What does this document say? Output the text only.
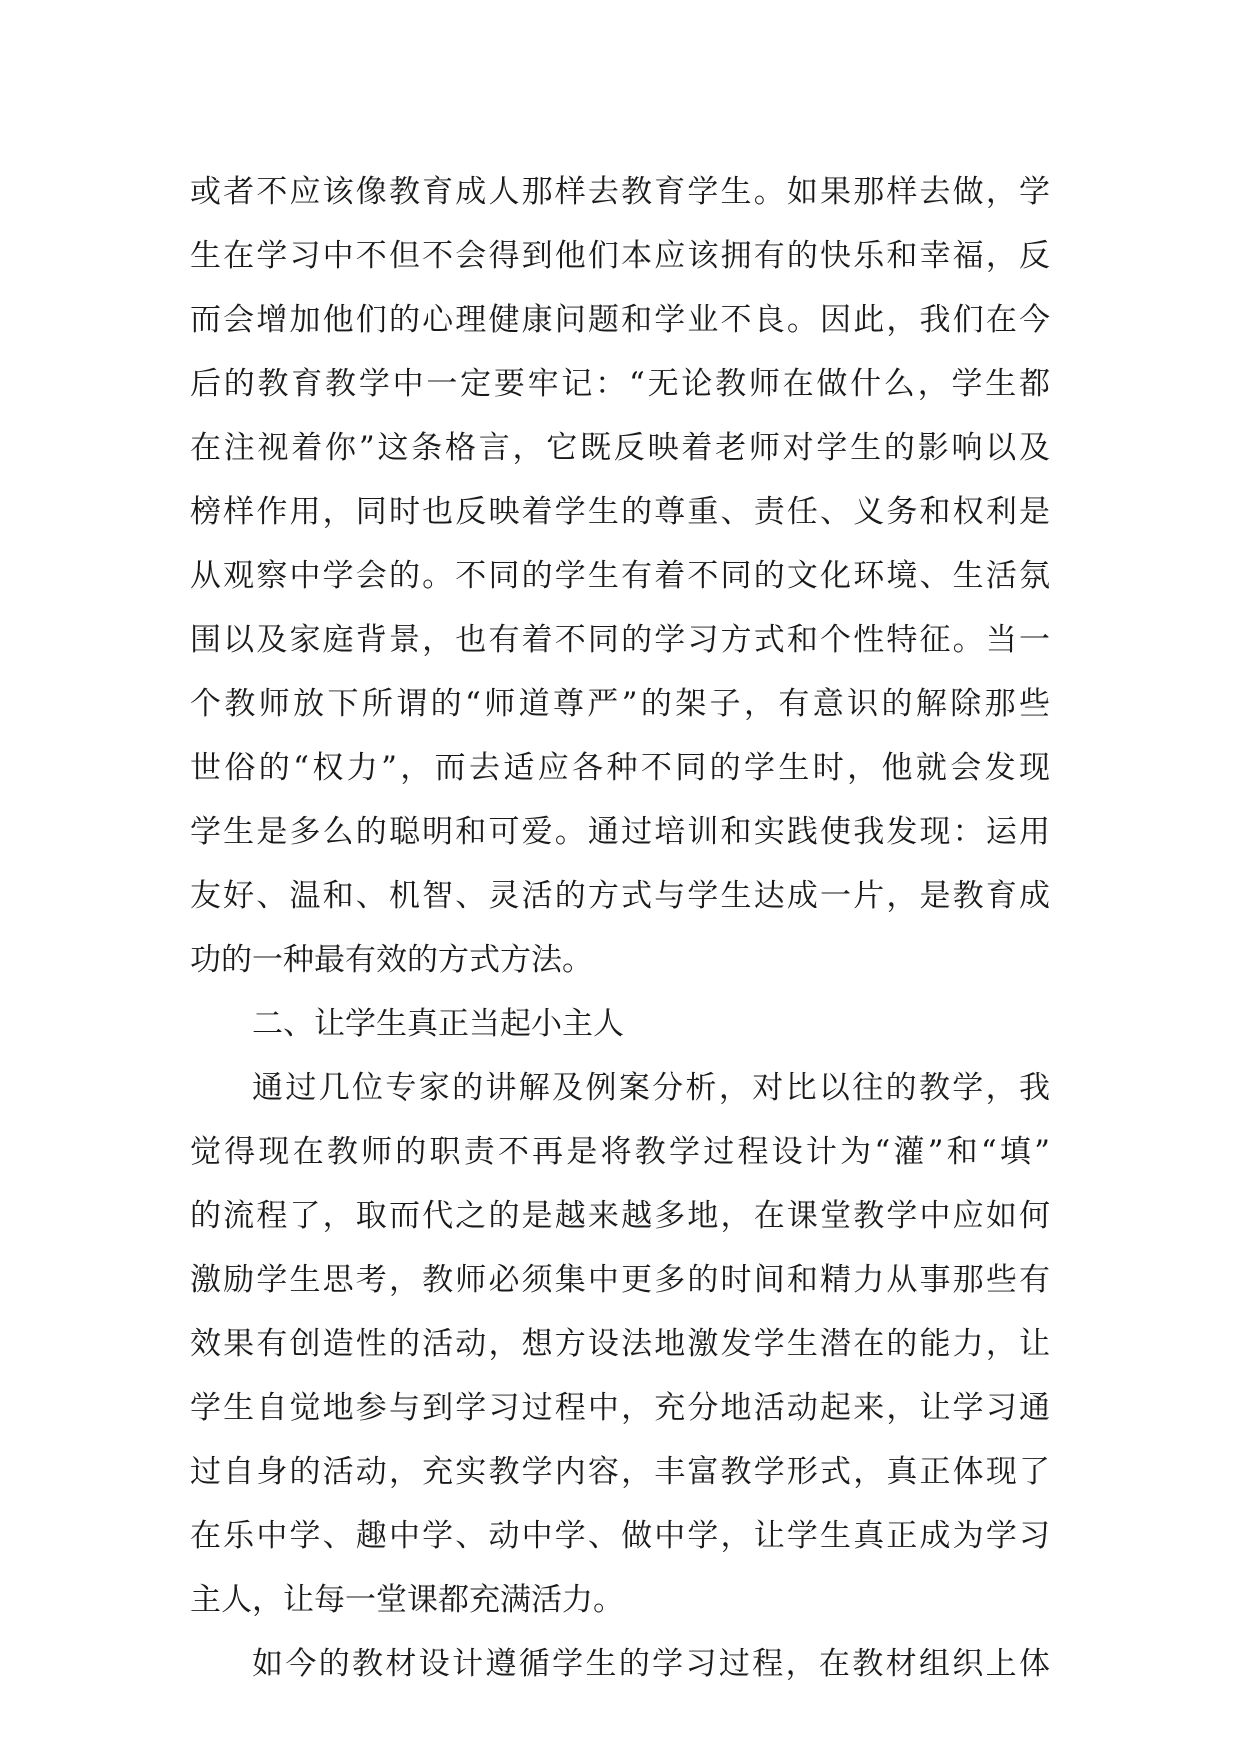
或者不应该像教育成人那样去教育学生。如果那样去做，学
生在学习中不但不会得到他们本应该拥有的快乐和幸福，反
而会增加他们的心理健康问题和学业不良。因此，我们在今
后的教育教学中一定要牢记：“无论教师在做什么，学生都
在注视着你”这条格言，它既反映着老师对学生的影响以及
榜样作用，同时也反映着学生的尊重、责任、义务和权利是
从观察中学会的。不同的学生有着不同的文化环境、生活氛
围以及家庭背景，也有着不同的学习方式和个性特征。当一
个教师放下所谓的“师道尊严”的架子，有意识的解除那些
世俗的“权力”，而去适应各种不同的学生时，他就会发现
学生是多么的聪明和可爱。通过培训和实践使我发现：运用
友好、温和、机智、灵活的方式与学生达成一片，是教育成
功的一种最有效的方式方法。
二、让学生真正当起小主人
通过几位专家的讲解及例案分析，对比以往的教学，我
觉得现在教师的职责不再是将教学过程设计为“灌”和“填”
的流程了，取而代之的是越来越多地，在课堂教学中应如何
激励学生思考，教师必须集中更多的时间和精力从事那些有
效果有创造性的活动，想方设法地激发学生潜在的能力，让
学生自觉地参与到学习过程中，充分地活动起来，让学习通
过自身的活动，充实教学内容，丰富教学形式，真正体现了
在乐中学、趣中学、动中学、做中学，让学生真正成为学习
主人，让每一堂课都充满活力。
如今的教材设计遵循学生的学习过程，在教材组织上体
